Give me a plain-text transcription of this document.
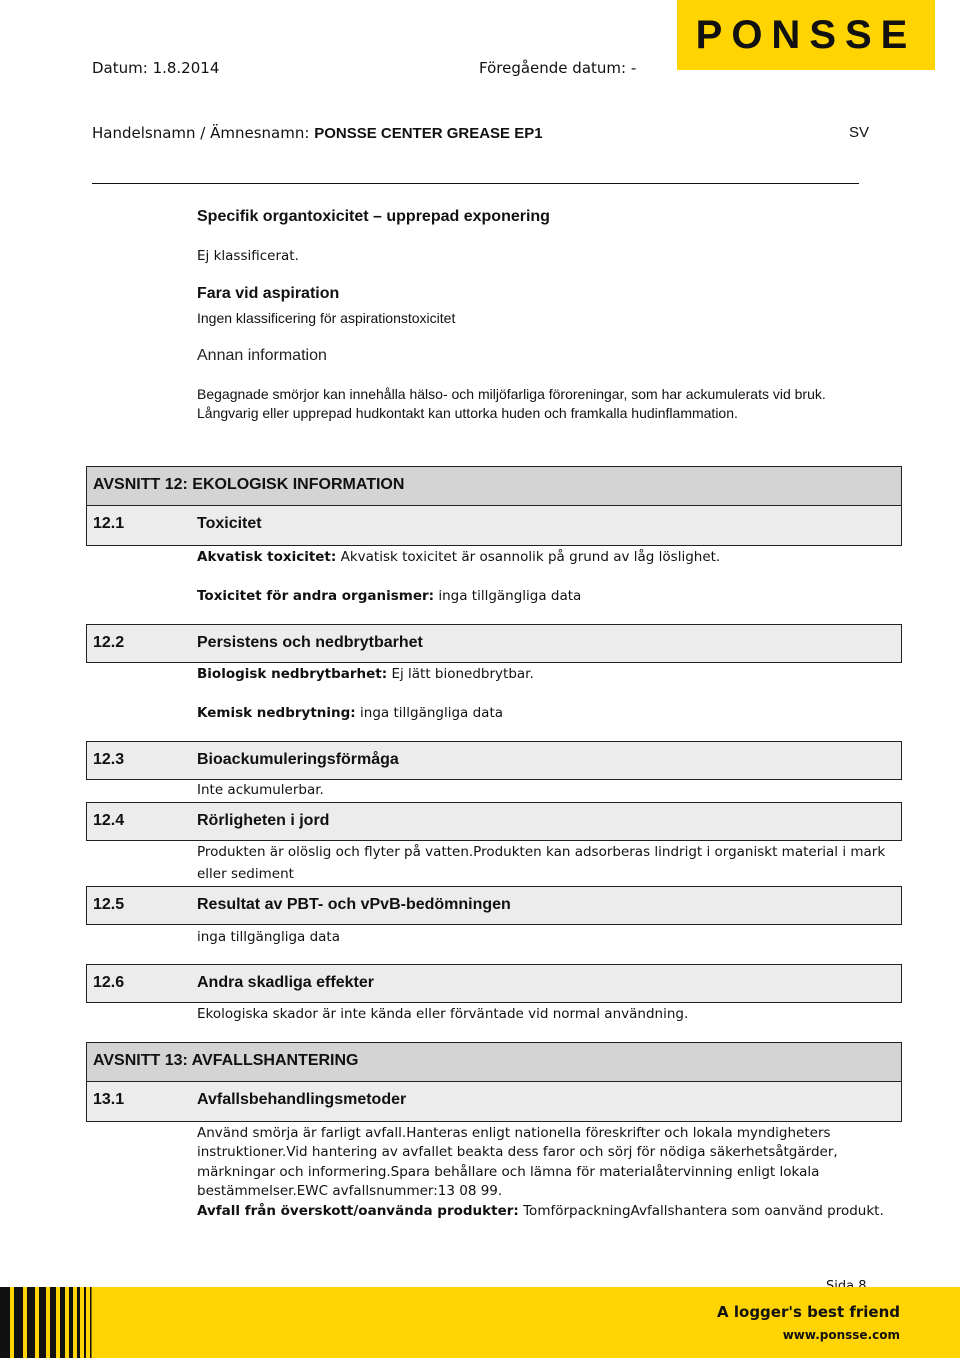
Datum: 1.8.2014	Föregående datum: -
PONSSE
Handelsnamn / Ämnesnamn: PONSSE CENTER GREASE EP1	SV
Specifik organtoxicitet – upprepad exponering
Ej klassificerat.
Fara vid aspiration
Ingen klassificering för aspirationstoxicitet
Annan information
Begagnade smörjor kan innehålla hälso- och miljöfarliga föroreningar, som har ackumulerats vid bruk.
Långvarig eller upprepad hudkontakt kan uttorka huden och framkalla hudinflammation.
AVSNITT 12: EKOLOGISK INFORMATION
12.1	Toxicitet
Akvatisk toxicitet: Akvatisk toxicitet är osannolik på grund av låg löslighet.
Toxicitet för andra organismer: inga tillgängliga data
12.2	Persistens och nedbrytbarhet
Biologisk nedbrytbarhet: Ej lätt bionedbrytbar.
Kemisk nedbrytning: inga tillgängliga data
12.3	Bioackumuleringsförmåga
Inte ackumulerbar.
12.4	Rörligheten i jord
Produkten är olöslig och flyter på vatten.Produkten kan adsorberas lindrigt i organiskt material i mark
eller sediment
12.5	Resultat av PBT- och vPvB-bedömningen
inga tillgängliga data
12.6	Andra skadliga effekter
Ekologiska skador är inte kända eller förväntade vid normal användning.
AVSNITT 13: AVFALLSHANTERING
13.1	Avfallsbehandlingsmetoder
Använd smörja är farligt avfall.Hanteras enligt nationella föreskrifter och lokala myndigheters
instruktioner.Vid hantering av avfallet beakta dess faror och sörj för nödiga säkerhetsåtgärder,
märkningar och informering.Spara behållare och lämna för materialåtervinning enligt lokala
bestämmelser.EWC avfallsnummer:13 08 99.
Avfall från överskott/oanvända produkter: TomförpackningAvfallshantera som oanvänd produkt.
A logger's best friend
www.ponsse.com
